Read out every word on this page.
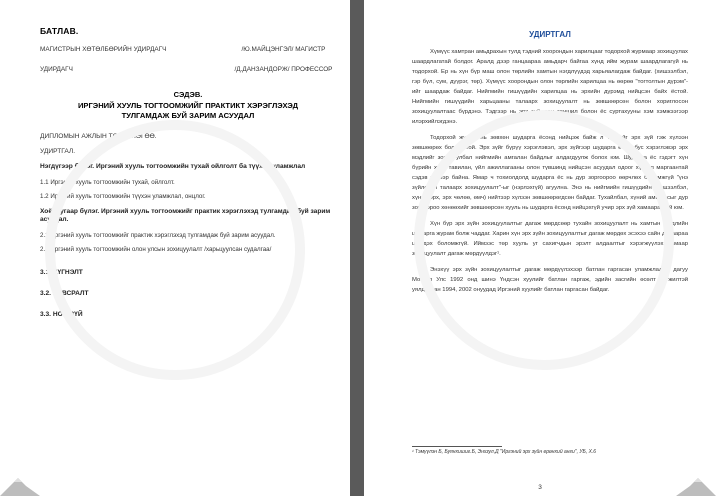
БАТЛАВ.
МАГИСТРЫН ХӨТӨЛБӨРИЙН УДИРДАГЧ	/Ю.МАЙЦЭНГЭЛ/ МАГИСТР
УДИРДАГЧ	/Д.ДАНЗАНДОРЖ/ ПРОФЕССОР
СЭДЭВ.
ИРГЭНИЙ ХУУЛЬ ТОГТООМЖИЙГ ПРАКТИКТ ХЭРЭГЛЭХЭД ТУЛГАМДАЖ БУЙ ЗАРИМ АСУУДАЛ
ДИПЛОМЫН АЖЛЫН ТӨЛӨВЛӨГӨӨ.
УДИРТГАЛ.
Нэгдүгээр бүлэг. Иргэний хууль тогтоомжийн тухай ойлголт ба түүхэн уламжлал
1.1 Иргэний хууль тогтоомжийн тухай, ойлголт.
1.2 Иргэний хууль тогтоомжийн түүхэн уламжлал, онцлог.
Хоёрдугаар бүлэг. Иргэний хууль тогтоомжийг практик хэрэглэхэд тулгамдаж буй зарим асуудал.
2.1 Иргэний хууль тогтоомжийг практик хэрэглэхэд тулгамдаж буй зарим асуудал.
2.2 Иргэний хууль тогтоомжийн олон улсын зохицуулалт /харьцуулсан судалгаа/
3.1. ДҮГНЭЛТ
3.2. ХАВСРАЛТ
3.3. НОМ ЗҮЙ
УДИРТГАЛ

Хүмүүс хамтран амьдрахын тулд тэдний хоорондын харилцааг тодорхой журмаар зохицуулах шаардлагатай болдог. Аралд дээр ганцаараа амьдарч байгаа хүнд ийм журам шаардлагагүй нь тодорхой. Ер нь хүн бүр маш олон төрлийн хамтын нэгдлүүдэд харьяалагдаж байдаг. (хишээлбэл, гэр бүл, сум, дүүрэг, төр). Хүмүүс хоорондын олон төрлийн харилцаа нь өөрөө "тогтолтын дүрэм"-ийг шаардаж байдаг. Нийгмийн гишүүдийн харилцаа нь эрхийн дүрэмд нийцсэн байх ёстой. Нийгмийн гишүүдийн харьцааны талаарх зохицуулалт нь зөвшөөрсөн болон хориглосон зохицуулалтаас бүрдэнэ. Тэдгээр нь эрх зүй, зан заншил болон ёс суртахууны хэм хэмжээгээр илэрхийлэгдэнэ.

Тодорхой журам нь зөвхөн шударга ёсонд нийцэж байж л түүнийг эрх зүй гэж хүлээн зөвшөөрөх боломжтой. Эрх зүйг бүрүү хэрэглэвэл, эрх зүйгээр шударга ёсны бус хэрэглэвэр эрх мэдлийг зохицуулбал нийгмийн амгалан байдлыг алдагдуулж болох юм. Шударга ёс гэдэгт хүн бүрийн хувь тавилан, үйл ажиллагааны олон түвшинд нийцсэн асуудал одоог хүртэл маргаантай сэдэв хэвээр байна. Ямар ч тохиолдолд шударга ёс нь дур зоргоороо өөрчлөх боломжгүй "үнэ зүйлсийн талаарх зохицуулалт"-ыг (нэрлэхгүй) агуулна. Энэ нь нийгмийн гишүүдийн (хишээлбэл, хүний эрх, эрх чөлөө, өмч) нийтээр хүлээн зөвшөөрөгдсөн байдаг. Тухайлбал, хүний амь насыг дур зоргоороо хөнөөхийг зөвшөөрсөн хууль нь шударга ёсонд нийцэхгүй учир эрх зүй хамааралгүй юм.

Хүн бүр эрх зүйн зохицуулалтыг дагаж мөрдсөөр тухайн зохицуулалт нь хамтын нэгдлийн шударга журам болж чаддаг. Харин хүн эрх зүйн зохицуулалтыг дагаж мөрдөх эсэхээ сайн дураараа шийдэх боломжгүй. Иймээс төр хууль уг сахигчдын эрэлт алдаалтыг хэрэгжүүлэх замаар зохицуулалт дагаж мөрдүүлдэг¹.

Энэхүү эрх зүйн зохицуулалтыг дагаж мөрдүүлэхээр батлан гаргасан уламжлалын дагуу Монгол Улс 1992 онд шинэ Үндсэн хуулийг батлан гаргаж, эдийн засгийн өсөлт хөгжилтэй уялдуулан 1994, 2002 онуудад Иргэний хуулийг батлан гаргасан байдаг.

¹ Тэмүүлэн Б, Буянхишиг.Б, Энхзул.Д "Иргэний эрх зүйн ерөнхий анги", УБ, Х.6
3
